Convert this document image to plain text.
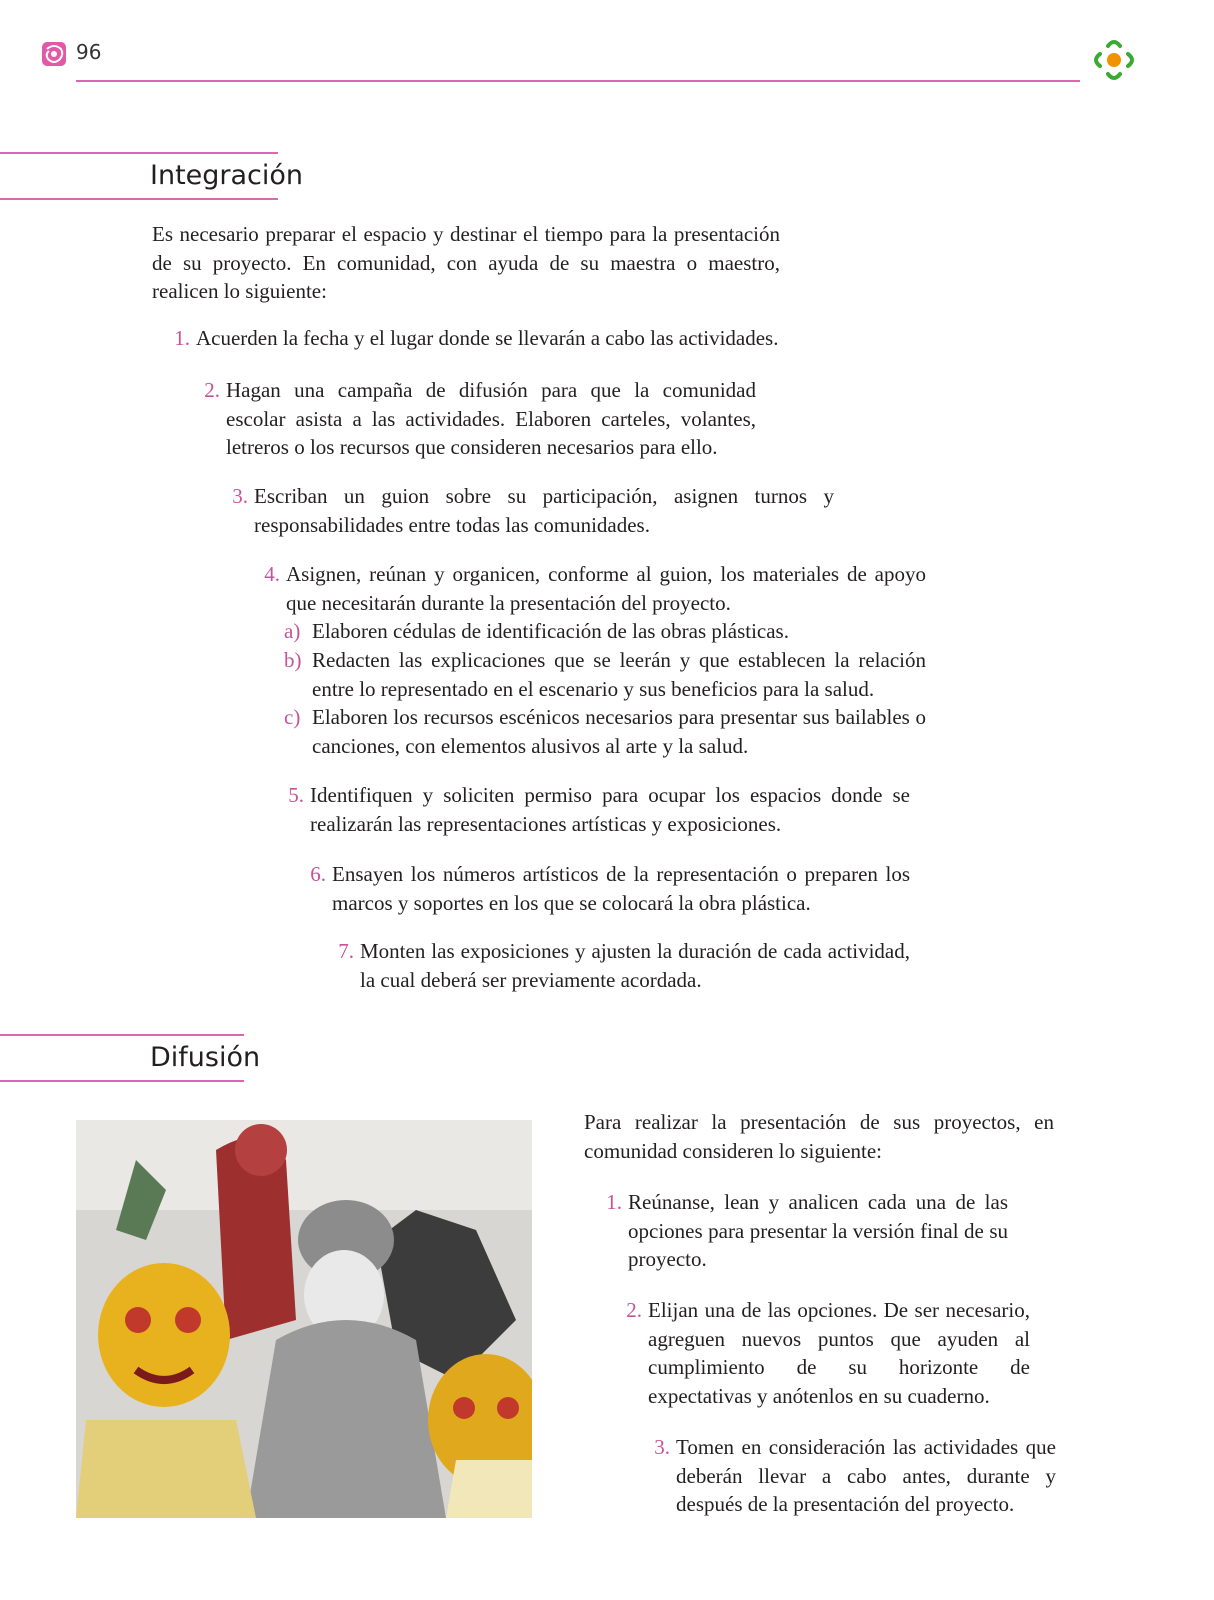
96
Integración
Es necesario preparar el espacio y destinar el tiempo para la presentación de su proyecto. En comunidad, con ayuda de su maestra o maestro, realicen lo siguiente:
1. Acuerden la fecha y el lugar donde se llevarán a cabo las actividades.
2. Hagan una campaña de difusión para que la comunidad escolar asista a las actividades. Elaboren carteles, volantes, letreros o los recursos que consideren necesarios para ello.
3. Escriban un guion sobre su participación, asignen turnos y responsabilidades entre todas las comunidades.
4. Asignen, reúnan y organicen, conforme al guion, los materiales de apoyo que necesitarán durante la presentación del proyecto.
a) Elaboren cédulas de identificación de las obras plásticas.
b) Redacten las explicaciones que se leerán y que establecen la relación entre lo representado en el escenario y sus beneficios para la salud.
c) Elaboren los recursos escénicos necesarios para presentar sus bailables o canciones, con elementos alusivos al arte y la salud.
5. Identifiquen y soliciten permiso para ocupar los espacios donde se realizarán las representaciones artísticas y exposiciones.
6. Ensayen los números artísticos de la representación o preparen los marcos y soportes en los que se colocará la obra plástica.
7. Monten las exposiciones y ajusten la duración de cada actividad, la cual deberá ser previamente acordada.
Difusión
Para realizar la presentación de sus proyectos, en comunidad consideren lo siguiente:
1. Reúnanse, lean y analicen cada una de las opciones para presentar la versión final de su proyecto.
2. Elijan una de las opciones. De ser necesario, agreguen nuevos puntos que ayuden al cumplimiento de su horizonte de expectativas y anótenlos en su cuaderno.
3. Tomen en consideración las actividades que deberán llevar a cabo antes, durante y después de la presentación del proyecto.
